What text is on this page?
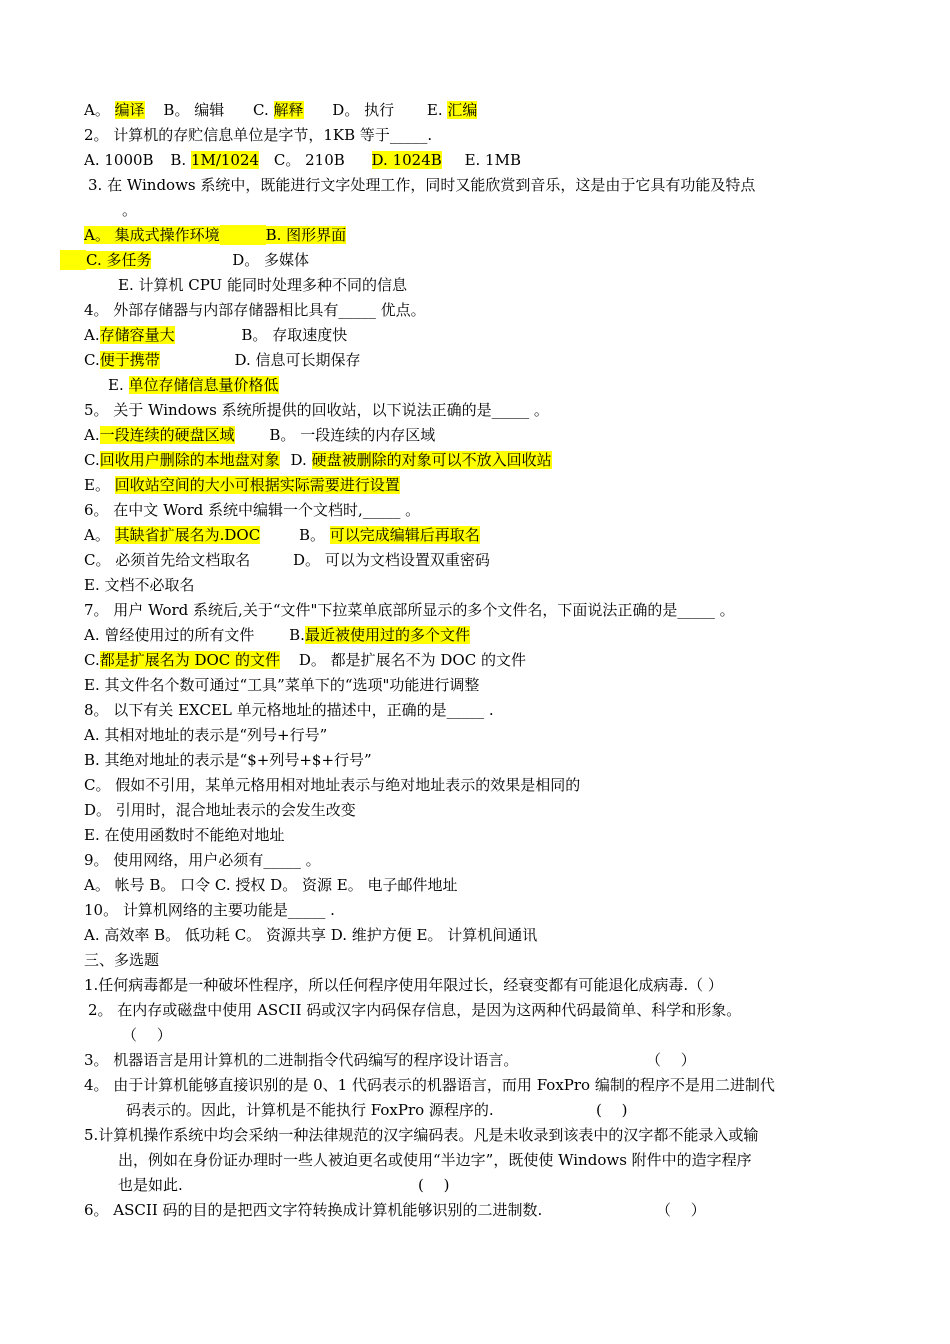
A。 编译 B。 编辑 C. 解释 D。 执行 E. 汇编
2。 计算机的存贮信息单位是字节，1KB 等于_____.
A. 1000B B. 1M/1024 C。 210B D. 1024B E. 1MB
3. 在 Windows 系统中，既能进行文字处理工作，同时又能欣赏到音乐，这是由于它具有功能及特点
。
A。 集成式操作环境	B. 图形界面
C. 多任务	D。 多媒体
E. 计算机 CPU 能同时处理多种不同的信息
4。 外部存储器与内部存储器相比具有_____ 优点。
A.存储容量大	B。 存取速度快
C.便于携带	D. 信息可长期保存
E. 单位存储信息量价格低
5。 关于 Windows 系统所提供的回收站，以下说法正确的是_____ 。
A.一段连续的硬盘区域 B。 一段连续的内存区域
C.回收用户删除的本地盘对象 D. 硬盘被删除的对象可以不放入回收站
E。 回收站空间的大小可根据实际需要进行设置
6。 在中文 Word 系统中编辑一个文档时,_____ 。
A。 其缺省扩展名为.DOC	B。 可以完成编辑后再取名
C。 必须首先给文档取名	D。 可以为文档设置双重密码
E. 文档不必取名
7。 用户 Word 系统后,关于“文件"下拉菜单底部所显示的多个文件名，下面说法正确的是_____ 。
A. 曾经使用过的所有文件 B.最近被使用过的多个文件
C.都是扩展名为 DOC 的文件 D。 都是扩展名不为 DOC 的文件
E. 其文件名个数可通过“工具”菜单下的“选项"功能进行调整
8。 以下有关 EXCEL 单元格地址的描述中，正确的是_____ .
A. 其相对地址的表示是“列号+行号”
B. 其绝对地址的表示是“$+列号+$+行号”
C。 假如不引用，某单元格用相对地址表示与绝对地址表示的效果是相同的
D。 引用时，混合地址表示的会发生改变
E. 在使用函数时不能绝对地址
9。 使用网络，用户必须有_____ 。
A。 帐号 B。 口令 C. 授权 D。 资源 E。 电子邮件地址
10。 计算机网络的主要功能是_____ .
A. 高效率 B。 低功耗 C。 资源共享 D. 维护方便 E。 计算机间通讯
三、多选题
1.任何病毒都是一种破坏性程序，所以任何程序使用年限过长，经衰变都有可能退化成病毒.（ ）
2。 在内存或磁盘中使用 ASCII 码或汉字内码保存信息，是因为这两种代码最简单、科学和形象。
（　 ）
3。 机器语言是用计算机的二进制指令代码编写的程序设计语言。	（　 ）
4。 由于计算机能够直接识别的是 0、1 代码表示的机器语言，而用 FoxPro 编制的程序不是用二进制代
码表示的。因此，计算机是不能执行 FoxPro 源程序的.	(　 )
5.计算机操作系统中均会采纳一种法律规范的汉字编码表。凡是未收录到该表中的汉字都不能录入或输
出，例如在身份证办理时一些人被迫更名或使用“半边字”，既使使 Windows 附件中的造字程序
也是如此.	(　 )
6。 ASCII 码的目的是把西文字符转换成计算机能够识别的二进制数.	（　 ）
